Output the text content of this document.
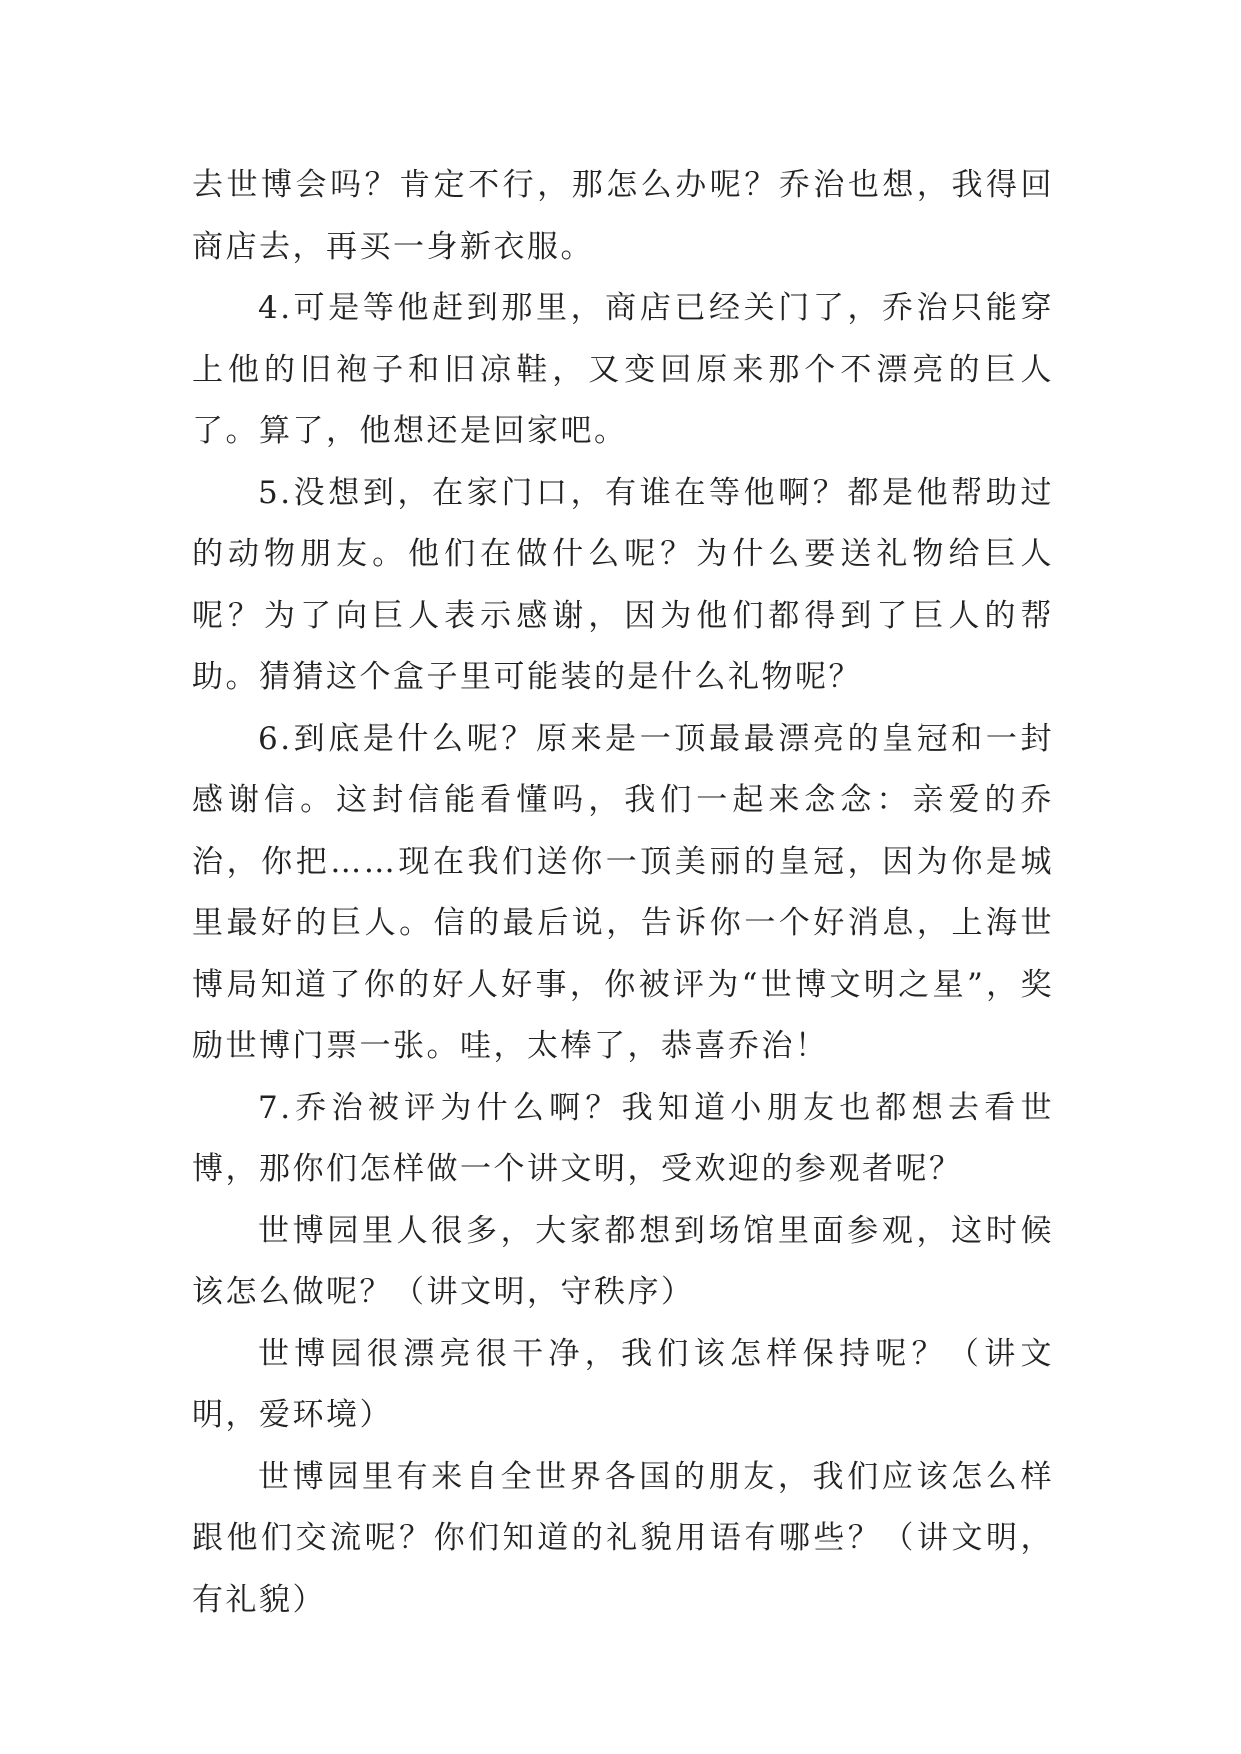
去世博会吗？肯定不行，那怎么办呢？乔治也想，我得回商店去，再买一身新衣服。

4.可是等他赶到那里，商店已经关门了，乔治只能穿上他的旧袍子和旧凉鞋，又变回原来那个不漂亮的巨人了。算了，他想还是回家吧。

5.没想到，在家门口，有谁在等他啊？都是他帮助过的动物朋友。他们在做什么呢？为什么要送礼物给巨人呢？为了向巨人表示感谢，因为他们都得到了巨人的帮助。猜猜这个盒子里可能装的是什么礼物呢？

6.到底是什么呢？原来是一顶最最漂亮的皇冠和一封感谢信。这封信能看懂吗，我们一起来念念：亲爱的乔治，你把……现在我们送你一顶美丽的皇冠，因为你是城里最好的巨人。信的最后说，告诉你一个好消息，上海世博局知道了你的好人好事，你被评为“世博文明之星”，奖励世博门票一张。哇，太棒了，恭喜乔治！

7.乔治被评为什么啊？我知道小朋友也都想去看世博，那你们怎样做一个讲文明，受欢迎的参观者呢？

世博园里人很多，大家都想到场馆里面参观，这时候该怎么做呢？（讲文明，守秩序）

世博园很漂亮很干净，我们该怎样保持呢？（讲文明，爱环境）

世博园里有来自全世界各国的朋友，我们应该怎么样跟他们交流呢？你们知道的礼貌用语有哪些？（讲文明，有礼貌）
